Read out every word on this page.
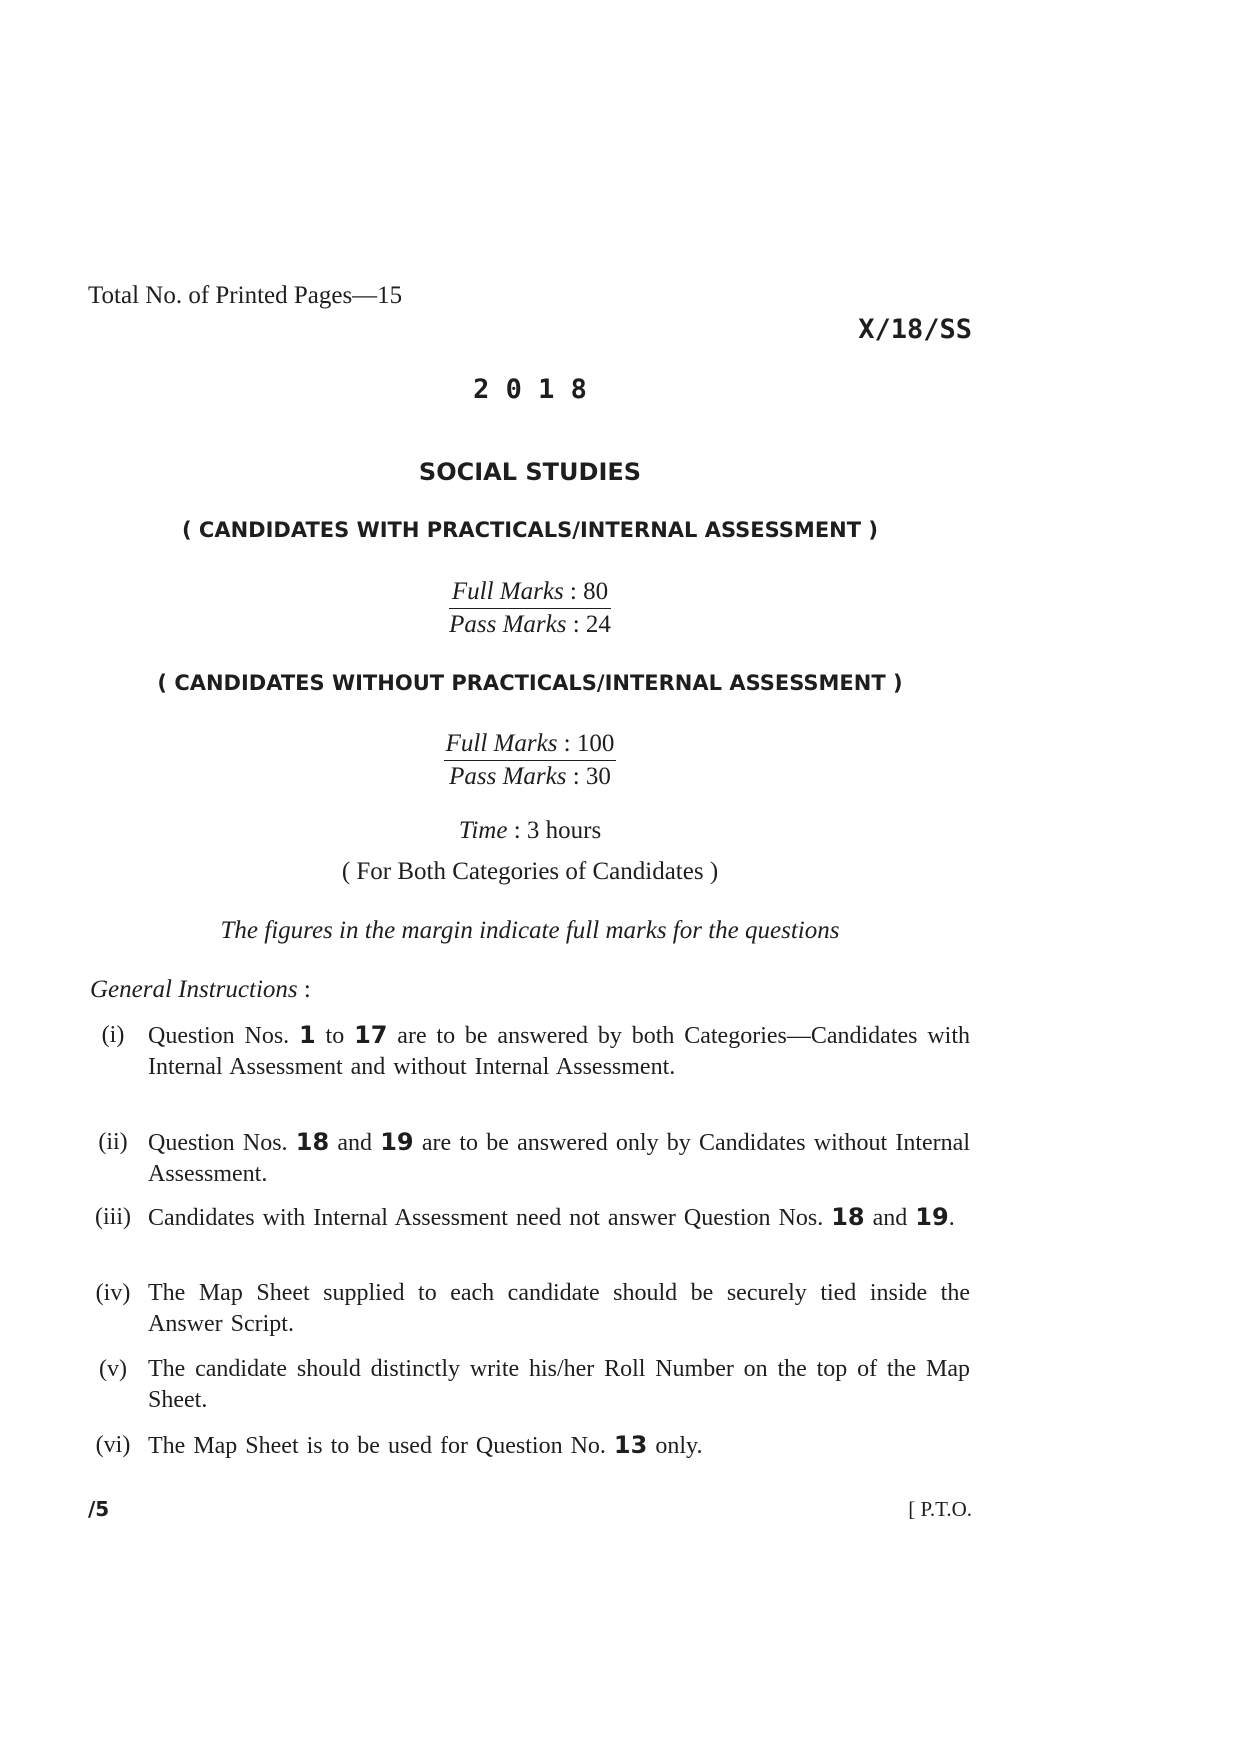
Total No. of Printed Pages—15
X/18/SS
2 0 1 8
SOCIAL STUDIES
( CANDIDATES WITH PRACTICALS/INTERNAL ASSESSMENT )
Full Marks : 80
Pass Marks : 24
( CANDIDATES WITHOUT PRACTICALS/INTERNAL ASSESSMENT )
Full Marks : 100
Pass Marks : 30
Time : 3 hours
( For Both Categories of Candidates )
The figures in the margin indicate full marks for the questions
General Instructions :
(i) Question Nos. 1 to 17 are to be answered by both Categories—Candidates with Internal Assessment and without Internal Assessment.
(ii) Question Nos. 18 and 19 are to be answered only by Candidates without Internal Assessment.
(iii) Candidates with Internal Assessment need not answer Question Nos. 18 and 19.
(iv) The Map Sheet supplied to each candidate should be securely tied inside the Answer Script.
(v) The candidate should distinctly write his/her Roll Number on the top of the Map Sheet.
(vi) The Map Sheet is to be used for Question No. 13 only.
/5	[ P.T.O.
